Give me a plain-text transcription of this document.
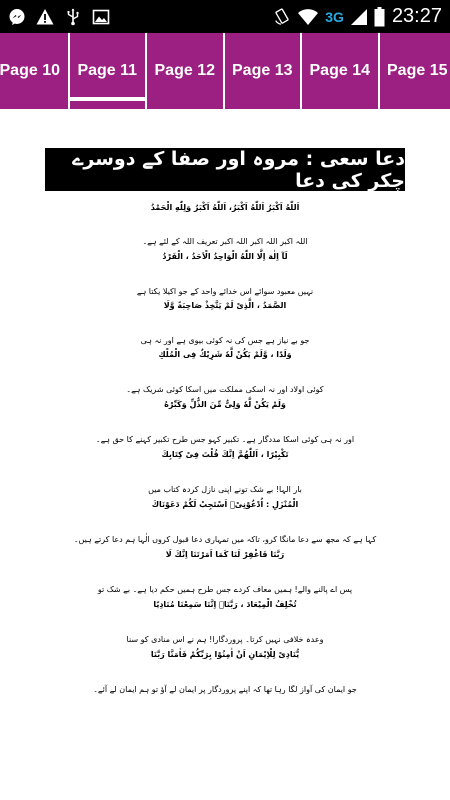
3G 23:27
Page 10	Page 11	Page 12	Page 13	Page 14	Page 15
دعا سعی : مروہ اور صفا کے دوسرے چکر کی دعا
اَللّٰهُ اَكْبَرُ اَللّٰهُ اَكْبَرُ، اَللّٰهُ اَكْبَرُ وَلِلّٰهِ الْحَمْدُ
اللہ اکبر اللہ اکبر اللہ اکبر تعریف اللہ کے لئے ہے۔
لَآ اِلٰهَ اِلَّا اللّٰهُ الْوَاحِدُ الْاَحَدُ ، الْفَرْدُ
نہیں معبود سوائے اس خدائے واحد کے جو اکیلا یکتا ہے
الصَّمَدُ ، الَّذِیْ لَمْ یَتَّخِذْ صَاحِبَةً وَّلَا
جو بے نیاز ہے جس کی نہ کوئی بیوی ہے اور نہ ہی
وَلَدًا ، وَّلَمْ یَكُنْ لَّهٗ شَرِیْكٌ فِی الْمُلْكِ
کوئی اولاد اور نہ اسکی مملکت میں اسکا کوئی شریک ہے۔
وَلَمْ یَكُنْ لَّهٗ وَلِیٌّ مِّنَ الذُّلِّ وَكَبِّرْهُ
اور نہ ہی کوئی اسکا مددگار ہے۔ تکبیر کہو جس طرح تکبیر کہنے کا حق ہے۔
تَكْبِیْرًا ، اَللّٰهُمَّ اِنَّكَ قُلْتَ فِیْ كِتَابِكَ
بار الہا! بے شک تونے اپنی نازل کردہ کتاب میں
الْمُنْزَلِ : اُدْعُوْنِیْۤ اَسْتَجِبْ لَكُمْ دَعَوْنَاكَ
کہا ہے کہ مجھ سے دعا مانگا کرو، تاکہ میں تمہاری دعا قبول کروں الٰہا ہم دعا کرتے ہیں۔
رَبَّنَا فَاغْفِرْ لَنَا كَمَا اَمَرْتَنَا اِنَّكَ لَا
پس اے پالنے والے! ہمیں معاف کردے جس طرح ہمیں حکم دیا ہے۔ بے شک تو
تُخْلِفُ الْمِیْعَادَ ، رَبَّنَاۤ اِنَّنَا سَمِعْنَا مُنَادِیًا
وعدہ خلافی نہیں کرتا۔ پروردگارا! ہم نے اس منادی کو سنا
یُّنَادِیْ لِلْاِیْمَانِ اَنْ اٰمِنُوْا بِرَبِّكُمْ فَاٰمَنَّا رَبَّنَا
جو ایمان کی آواز لگا رہا تھا کہ اپنے پروردگار پر ایمان لے آؤ تو ہم ایمان لے آئے۔
